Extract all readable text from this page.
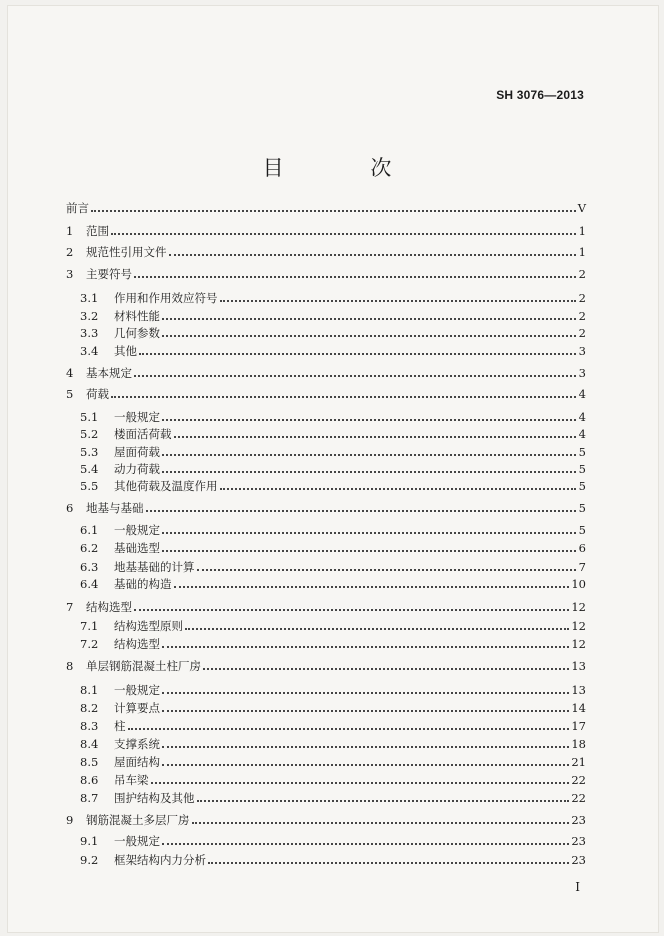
SH 3076—2013
目 次
前言	V
1	范围	1
2	规范性引用文件	1
3	主要符号	2
3.1	作用和作用效应符号	2
3.2	材料性能	2
3.3	几何参数	2
3.4	其他	3
4	基本规定	3
5	荷载	4
5.1	一般规定	4
5.2	楼面活荷载	4
5.3	屋面荷载	5
5.4	动力荷载	5
5.5	其他荷载及温度作用	5
6	地基与基础	5
6.1	一般规定	5
6.2	基础选型	6
6.3	地基基础的计算	7
6.4	基础的构造	10
7	结构选型	12
7.1	结构选型原则	12
7.2	结构选型	12
8	单层钢筋混凝土柱厂房	13
8.1	一般规定	13
8.2	计算要点	14
8.3	柱	17
8.4	支撑系统	18
8.5	屋面结构	21
8.6	吊车梁	22
8.7	围护结构及其他	22
9	钢筋混凝土多层厂房	23
9.1	一般规定	23
9.2	框架结构内力分析	23
I
